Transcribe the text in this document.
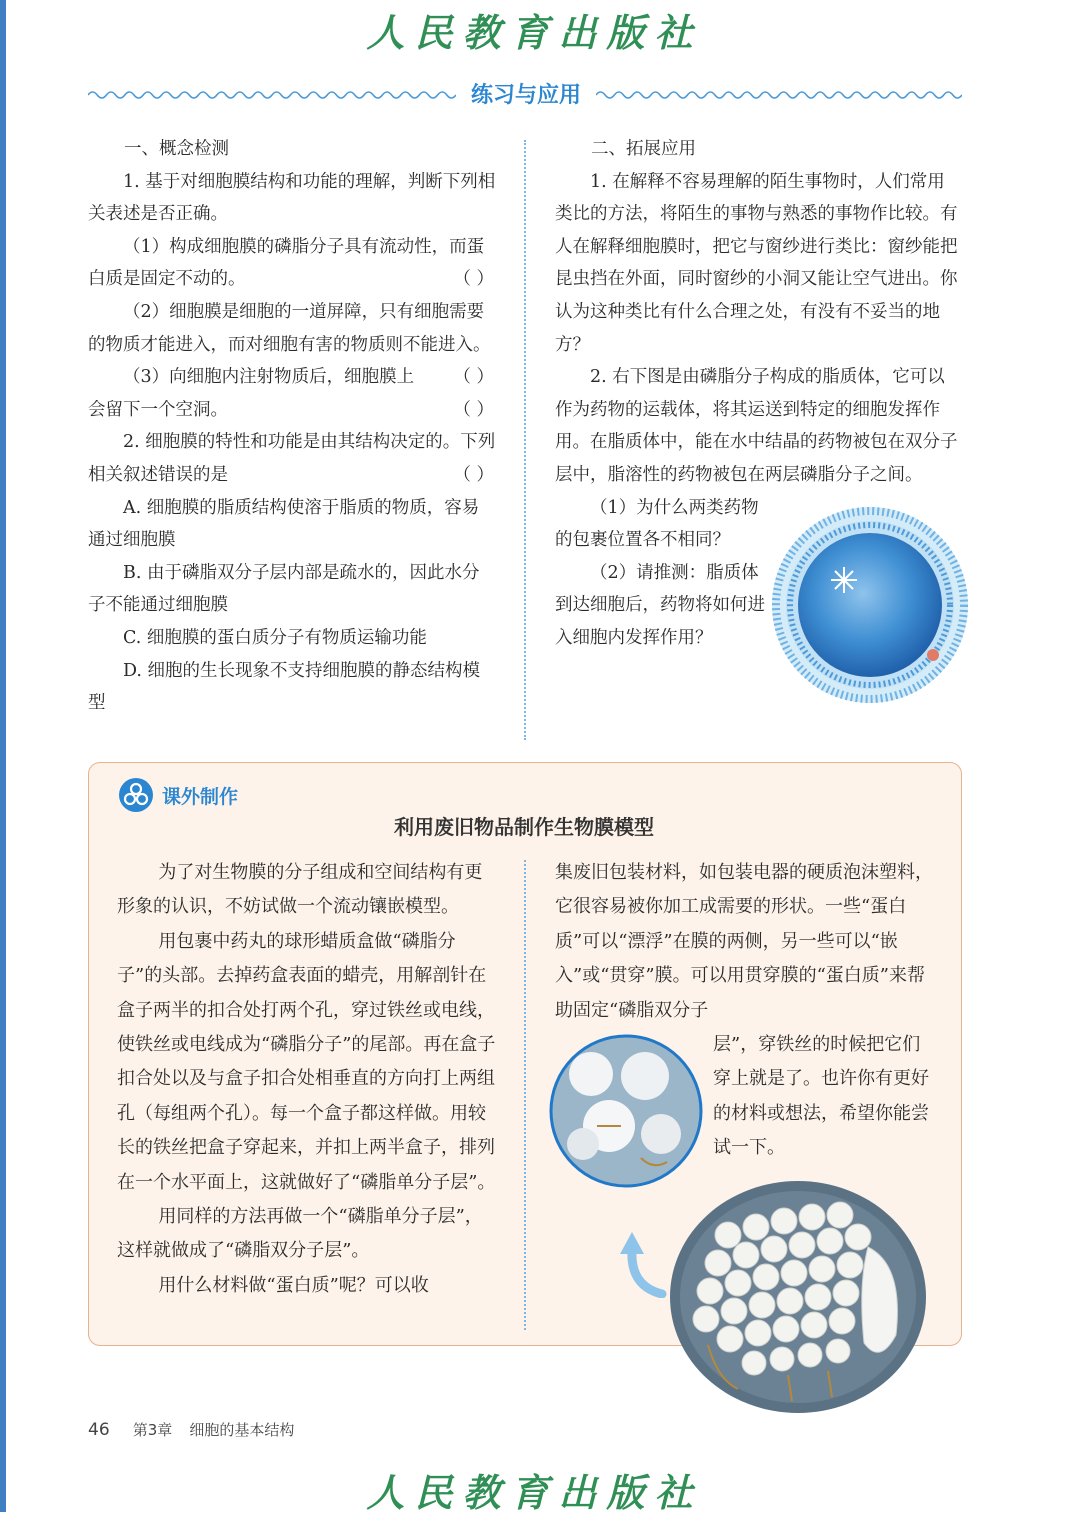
人民教育出版社
练习与应用

一、概念检测

1. 基于对细胞膜结构和功能的理解，判断下列相关表述是否正确。

（1）构成细胞膜的磷脂分子具有流动性，而蛋白质是固定不动的。	（ ）

（2）细胞膜是细胞的一道屏障，只有细胞需要的物质才能进入，而对细胞有害的物质则不能进入。
（ ）

（3）向细胞内注射物质后，细胞膜上会留下一个空洞。	（ ）

2. 细胞膜的特性和功能是由其结构决定的。下列相关叙述错误的是	（ ）

A. 细胞膜的脂质结构使溶于脂质的物质，容易通过细胞膜

B. 由于磷脂双分子层内部是疏水的，因此水分子不能通过细胞膜

C. 细胞膜的蛋白质分子有物质运输功能

D. 细胞的生长现象不支持细胞膜的静态结构模型

二、拓展应用

1. 在解释不容易理解的陌生事物时，人们常用类比的方法，将陌生的事物与熟悉的事物作比较。有人在解释细胞膜时，把它与窗纱进行类比：窗纱能把昆虫挡在外面，同时窗纱的小洞又能让空气进出。你认为这种类比有什么合理之处，有没有不妥当的地方？

2. 右下图是由磷脂分子构成的脂质体，它可以作为药物的运载体，将其运送到特定的细胞发挥作用。在脂质体中，能在水中结晶的药物被包在双分子层中，脂溶性的药物被包在两层磷脂分子之间。

（1）为什么两类药物的包裹位置各不相同？

（2）请推测：脂质体到达细胞后，药物将如何进入细胞内发挥作用？

课外制作
利用废旧物品制作生物膜模型

为了对生物膜的分子组成和空间结构有更形象的认识，不妨试做一个流动镶嵌模型。

用包裹中药丸的球形蜡质盒做“磷脂分子”的头部。去掉药盒表面的蜡壳，用解剖针在盒子两半的扣合处打两个孔，穿过铁丝或电线，使铁丝或电线成为“磷脂分子”的尾部。再在盒子扣合处以及与盒子扣合处相垂直的方向打上两组孔（每组两个孔）。每一个盒子都这样做。用较长的铁丝把盒子穿起来，并扣上两半盒子，排列在一个水平面上，这就做好了“磷脂单分子层”。

用同样的方法再做一个“磷脂单分子层”，这样就做成了“磷脂双分子层”。

用什么材料做“蛋白质”呢？可以收

集废旧包装材料，如包装电器的硬质泡沫塑料，它很容易被你加工成需要的形状。一些“蛋白质”可以“漂浮”在膜的两侧，另一些可以“嵌入”或“贯穿”膜。可以用贯穿膜的“蛋白质”来帮助固定“磷脂双分子

层”，穿铁丝的时候把它们穿上就是了。也许你有更好的材料或想法，希望你能尝试一下。

46 第3章 细胞的基本结构
人民教育出版社
